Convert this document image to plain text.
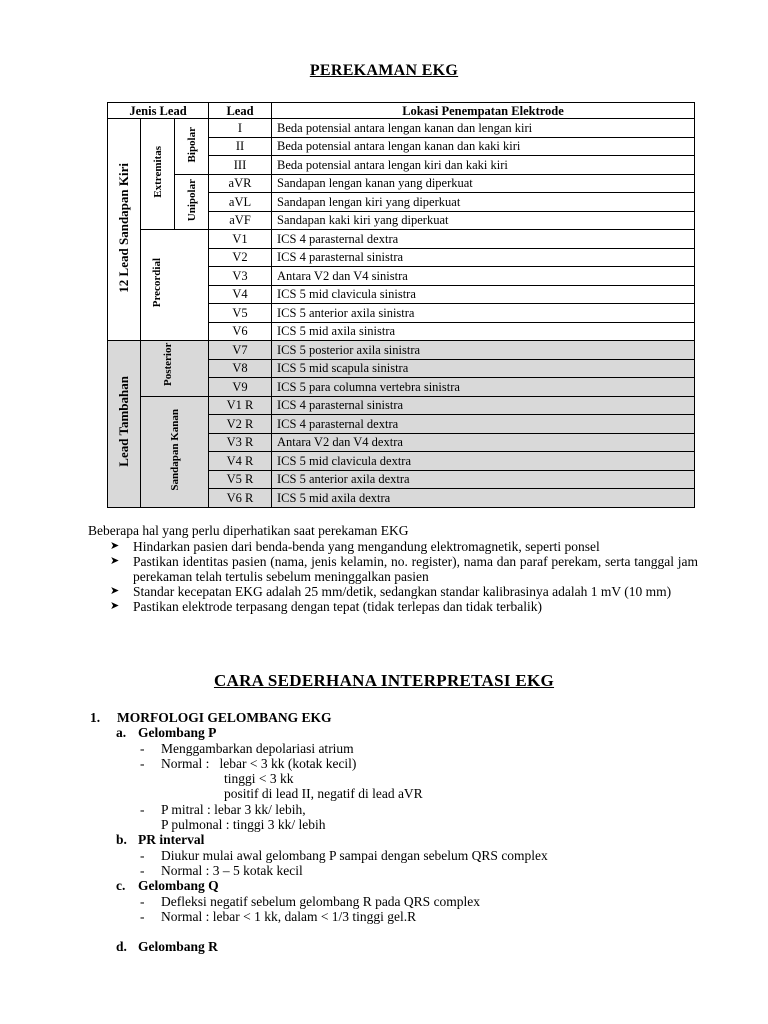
PEREKAMAN EKG
Jenis Lead			Lead	Lokasi Penempatan Elektrode
12 Lead Sandapan Kiri	Extremitas	Bipolar	I	Beda potensial antara lengan kanan dan lengan kiri
			II	Beda potensial antara lengan kanan dan kaki kiri
			III	Beda potensial antara lengan kiri dan kaki kiri
		Unipolar	aVR	Sandapan lengan kanan yang diperkuat
			aVL	Sandapan lengan kiri yang diperkuat
			aVF	Sandapan kaki kiri yang diperkuat
	Precordial		V1	ICS 4 parasternal dextra
			V2	ICS 4 parasternal sinistra
			V3	Antara V2 dan V4 sinistra
			V4	ICS 5 mid clavicula sinistra
			V5	ICS 5 anterior axila sinistra
			V6	ICS 5 mid axila sinistra
Lead Tambahan	Posterior		V7	ICS 5 posterior axila sinistra
			V8	ICS 5 mid scapula sinistra
			V9	ICS 5 para columna vertebra sinistra
	Sandapan Kanan		V1 R	ICS 4 parasternal sinistra
			V2 R	ICS 4 parasternal dextra
			V3 R	Antara V2 dan V4 dextra
			V4 R	ICS 5 mid clavicula dextra
			V5 R	ICS 5 anterior axila dextra
			V6 R	ICS 5 mid axila dextra
Beberapa hal yang perlu diperhatikan saat perekaman EKG
➤ Hindarkan pasien dari benda-benda yang mengandung elektromagnetik, seperti ponsel
➤ Pastikan identitas pasien (nama, jenis kelamin, no. register), nama dan paraf perekam, serta tanggal jam perekaman telah tertulis sebelum meninggalkan pasien
➤ Standar kecepatan EKG adalah 25 mm/detik, sedangkan standar kalibrasinya adalah 1 mV (10 mm)
➤ Pastikan elektrode terpasang dengan tepat (tidak terlepas dan tidak terbalik)
CARA SEDERHANA INTERPRETASI EKG
1. MORFOLOGI GELOMBANG EKG
a. Gelombang P
- Menggambarkan depolariasi atrium
- Normal :   lebar < 3 kk (kotak kecil)
tinggi < 3 kk
positif di lead II, negatif di lead aVR
- P mitral : lebar 3 kk/ lebih,
P pulmonal : tinggi 3 kk/ lebih
b. PR interval
- Diukur mulai awal gelombang P sampai dengan sebelum QRS complex
- Normal : 3 – 5 kotak kecil
c. Gelombang Q
- Defleksi negatif sebelum gelombang R pada QRS complex
- Normal : lebar < 1 kk, dalam < 1/3 tinggi gel.R
d. Gelombang R
